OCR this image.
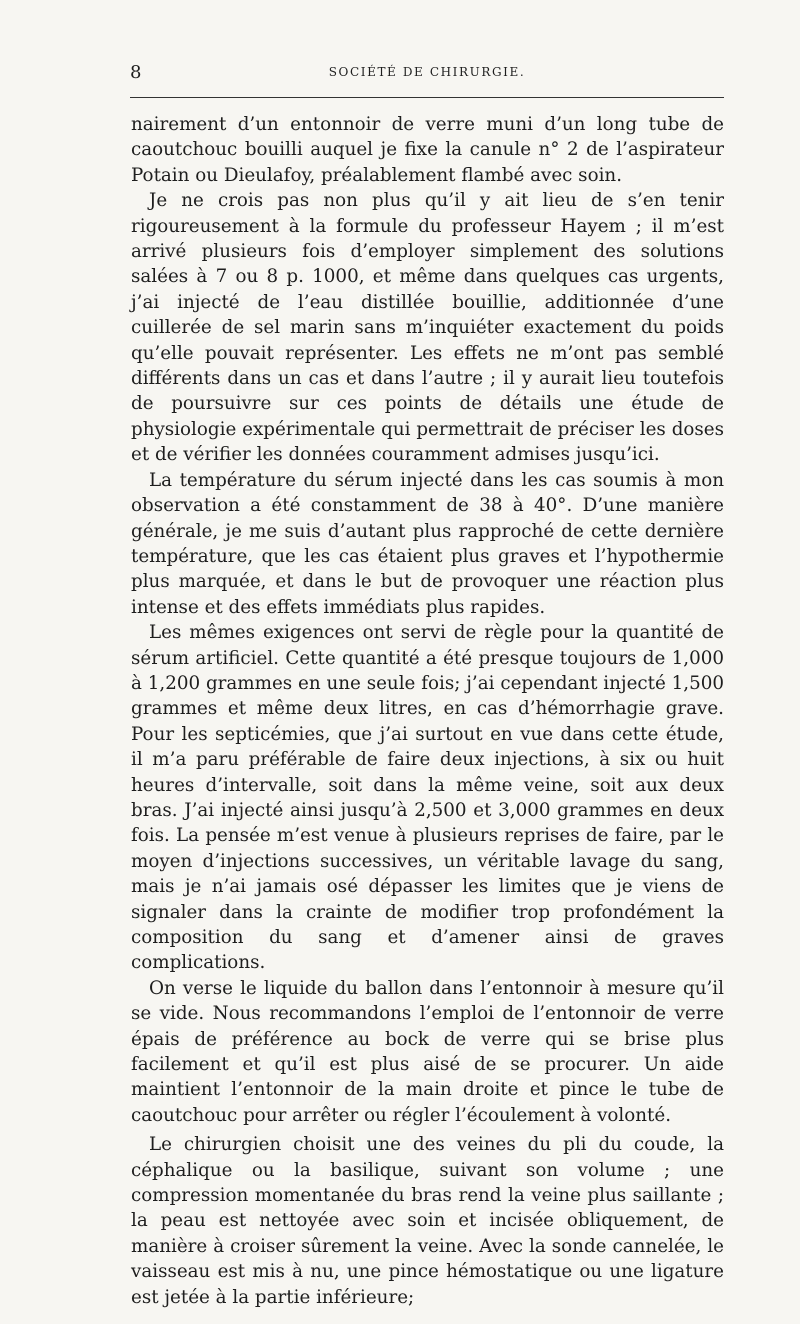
8	SOCIÉTÉ DE CHIRURGIE.

nairement d’un entonnoir de verre muni d’un long tube de caoutchouc bouilli auquel je fixe la canule n° 2 de l’aspirateur Potain ou Dieulafoy, préalablement flambé avec soin.

Je ne crois pas non plus qu’il y ait lieu de s’en tenir rigoureusement à la formule du professeur Hayem ; il m’est arrivé plusieurs fois d’employer simplement des solutions salées à 7 ou 8 p. 1000, et même dans quelques cas urgents, j’ai injecté de l’eau distillée bouillie, additionnée d’une cuillerée de sel marin sans m’inquiéter exactement du poids qu’elle pouvait représenter. Les effets ne m’ont pas semblé différents dans un cas et dans l’autre ; il y aurait lieu toutefois de poursuivre sur ces points de détails une étude de physiologie expérimentale qui permettrait de préciser les doses et de vérifier les données couramment admises jusqu’ici.

La température du sérum injecté dans les cas soumis à mon observation a été constamment de 38 à 40°. D’une manière générale, je me suis d’autant plus rapproché de cette dernière température, que les cas étaient plus graves et l’hypothermie plus marquée, et dans le but de provoquer une réaction plus intense et des effets immédiats plus rapides.

Les mêmes exigences ont servi de règle pour la quantité de sérum artificiel. Cette quantité a été presque toujours de 1,000 à 1,200 grammes en une seule fois; j’ai cependant injecté 1,500 grammes et même deux litres, en cas d’hémorrhagie grave. Pour les septicémies, que j’ai surtout en vue dans cette étude, il m’a paru préférable de faire deux injections, à six ou huit heures d’intervalle, soit dans la même veine, soit aux deux bras. J’ai injecté ainsi jusqu’à 2,500 et 3,000 grammes en deux fois. La pensée m’est venue à plusieurs reprises de faire, par le moyen d’injections successives, un véritable lavage du sang, mais je n’ai jamais osé dépasser les limites que je viens de signaler dans la crainte de modifier trop profondément la composition du sang et d’amener ainsi de graves complications.

On verse le liquide du ballon dans l’entonnoir à mesure qu’il se vide. Nous recommandons l’emploi de l’entonnoir de verre épais de préférence au bock de verre qui se brise plus facilement et qu’il est plus aisé de se procurer. Un aide maintient l’entonnoir de la main droite et pince le tube de caoutchouc pour arrêter ou régler l’écoulement à volonté.

Le chirurgien choisit une des veines du pli du coude, la céphalique ou la basilique, suivant son volume ; une compression momentanée du bras rend la veine plus saillante ; la peau est nettoyée avec soin et incisée obliquement, de manière à croiser sûrement la veine. Avec la sonde cannelée, le vaisseau est mis à nu, une pince hémostatique ou une ligature est jetée à la partie inférieure;
